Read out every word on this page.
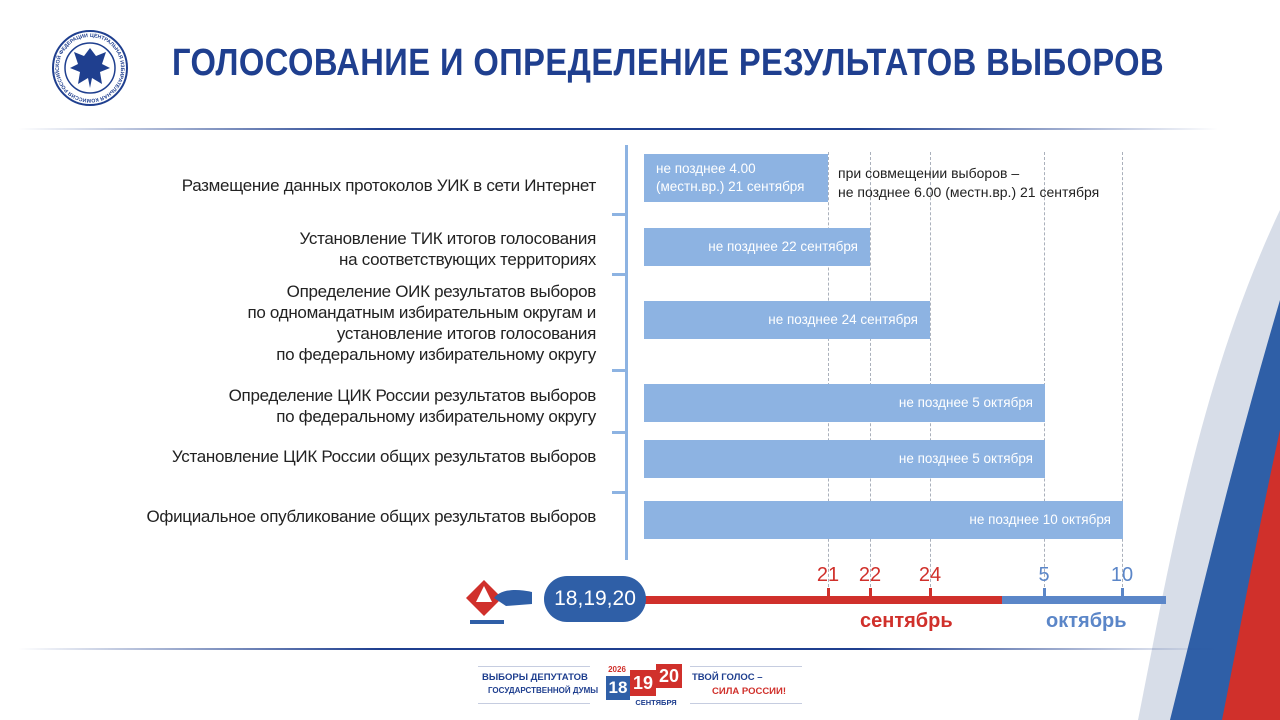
ЦЕНТРАЛЬНАЯ ИЗБИРАТЕЛЬНАЯ КОМИССИЯ РОССИЙСКОЙ ФЕДЕРАЦИИ
ГОЛОСОВАНИЕ И ОПРЕДЕЛЕНИЕ РЕЗУЛЬТАТОВ ВЫБОРОВ
Размещение данных протоколов УИК в сети Интернет
не позднее 4.00
(местн.вр.) 21 сентября
при совмещении выборов –
не позднее 6.00 (местн.вр.) 21 сентября
Установление ТИК итогов голосования
на соответствующих территориях
не позднее 22 сентября
Определение ОИК результатов выборов
по одномандатным избирательным округам и
установление итогов голосования
по федеральному избирательному округу
не позднее 24 сентября
Определение ЦИК России результатов выборов
по федеральному избирательному округу
не позднее 5 октября
Установление ЦИК России общих результатов выборов	не позднее 5 октября
Официальное опубликование общих результатов выборов	не позднее 10 октября
18,19,20
21 22	24	5	10
сентябрь	октябрь
ВЫБОРЫ ДЕПУТАТОВ
ГОСУДАРСТВЕННОЙ ДУМЫ
2026
18 19 20
СЕНТЯБРЯ
ТВОЙ ГОЛОС –
СИЛА РОССИИ!
